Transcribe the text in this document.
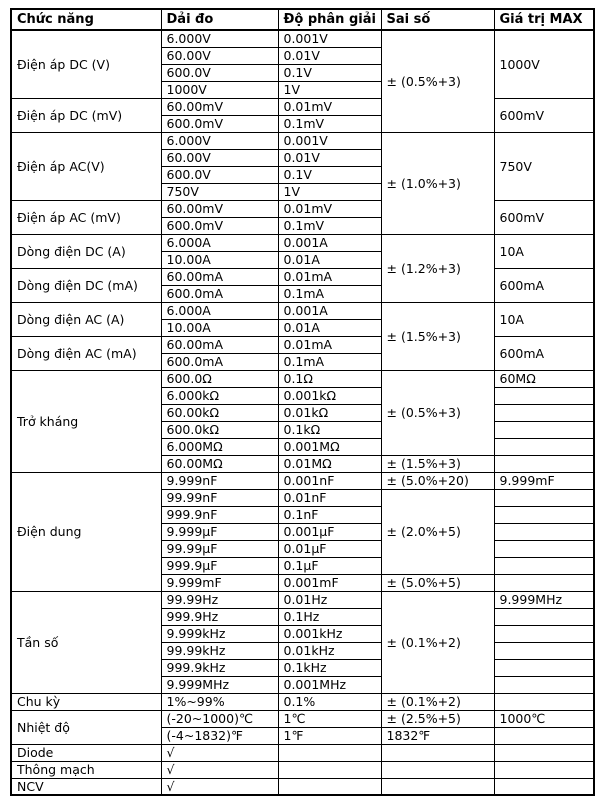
Chức năng	Dải đo	Độ phân giải	Sai số	Giá trị MAX
Điện áp DC (V)	6.000V	0.001V	± (0.5%+3)	1000V
	60.00V	0.01V		
	600.0V	0.1V		
	1000V	1V		
Điện áp DC (mV)	60.00mV	0.01mV		600mV
	600.0mV	0.1mV		
Điện áp AC(V)	6.000V	0.001V	± (1.0%+3)	750V
	60.00V	0.01V		
	600.0V	0.1V		
	750V	1V		
Điện áp AC (mV)	60.00mV	0.01mV		600mV
	600.0mV	0.1mV		
Dòng điện DC (A)	6.000A	0.001A	± (1.2%+3)	10A
	10.00A	0.01A		
Dòng điện DC (mA)	60.00mA	0.01mA		600mA
	600.0mA	0.1mA		
Dòng điện AC (A)	6.000A	0.001A	± (1.5%+3)	10A
	10.00A	0.01A		
Dòng điện AC (mA)	60.00mA	0.01mA		600mA
	600.0mA	0.1mA		
Trở kháng	600.0Ω	0.1Ω	± (0.5%+3)	60MΩ
	6.000kΩ	0.001kΩ		
	60.00kΩ	0.01kΩ		
	600.0kΩ	0.1kΩ		
	6.000MΩ	0.001MΩ		
	60.00MΩ	0.01MΩ	± (1.5%+3)	
Điện dung	9.999nF	0.001nF	± (5.0%+20)	9.999mF
	99.99nF	0.01nF	± (2.0%+5)	
	999.9nF	0.1nF		
	9.999µF	0.001µF		
	99.99µF	0.01µF		
	999.9µF	0.1µF		
	9.999mF	0.001mF	± (5.0%+5)	
Tần số	99.99Hz	0.01Hz	± (0.1%+2)	9.999MHz
	999.9Hz	0.1Hz		
	9.999kHz	0.001kHz		
	99.99kHz	0.01kHz		
	999.9kHz	0.1kHz		
	9.999MHz	0.001MHz		
Chu kỳ	1%~99%	0.1%	± (0.1%+2)	
Nhiệt độ	(-20~1000)℃	1℃	± (2.5%+5)	1000℃
	(-4~1832)℉	1℉	1832℉	
Diode	√			
Thông mạch	√			
NCV	√			
